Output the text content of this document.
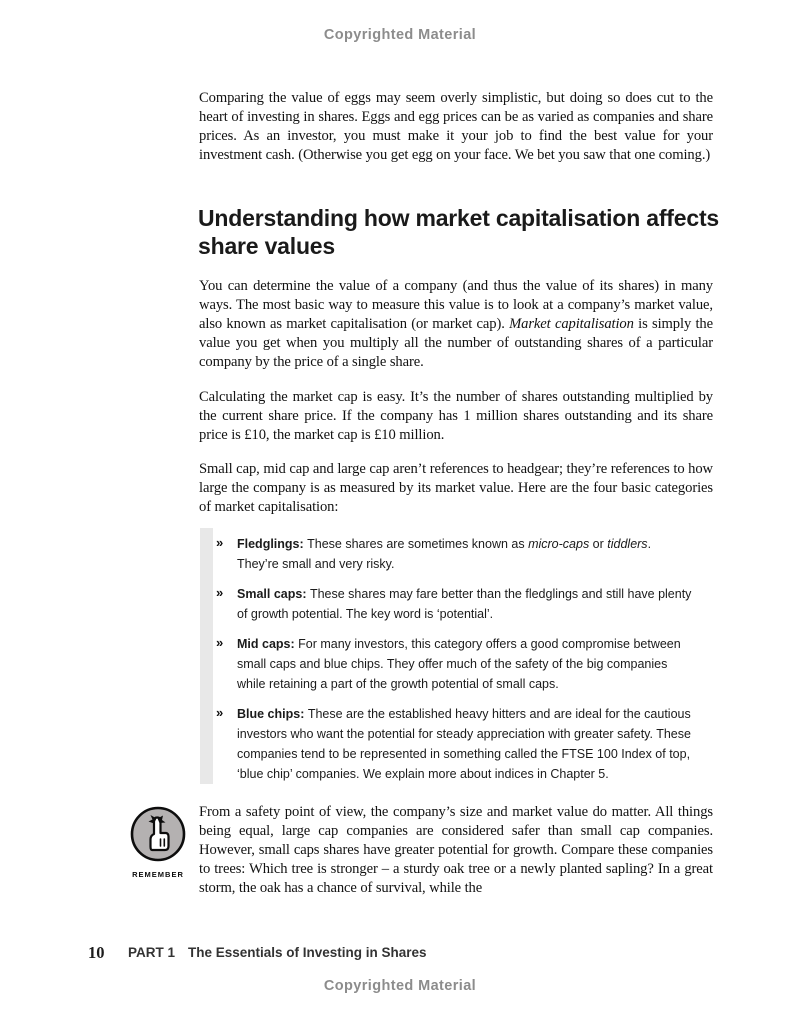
Copyrighted Material

Comparing the value of eggs may seem overly simplistic, but doing so does cut to the heart of investing in shares. Eggs and egg prices can be as varied as companies and share prices. As an investor, you must make it your job to find the best value for your investment cash. (Otherwise you get egg on your face. We bet you saw that one coming.)

Understanding how market capitalisation affects share values

You can determine the value of a company (and thus the value of its shares) in many ways. The most basic way to measure this value is to look at a company’s market value, also known as market capitalisation (or market cap). Market capitalisation is simply the value you get when you multiply all the number of outstanding shares of a particular company by the price of a single share.

Calculating the market cap is easy. It’s the number of shares outstanding multiplied by the current share price. If the company has 1 million shares outstanding and its share price is £10, the market cap is £10 million.

Small cap, mid cap and large cap aren’t references to headgear; they’re references to how large the company is as measured by its market value. Here are the four basic categories of market capitalisation:

» Fledglings: These shares are sometimes known as micro-caps or tiddlers. They’re small and very risky.
» Small caps: These shares may fare better than the fledglings and still have plenty of growth potential. The key word is ‘potential’.
» Mid caps: For many investors, this category offers a good compromise between small caps and blue chips. They offer much of the safety of the big companies while retaining a part of the growth potential of small caps.
» Blue chips: These are the established heavy hitters and are ideal for the cautious investors who want the potential for steady appreciation with greater safety. These companies tend to be represented in something called the FTSE 100 Index of top, ‘blue chip’ companies. We explain more about indices in Chapter 5.
REMEMBER

From a safety point of view, the company’s size and market value do matter. All things being equal, large cap companies are considered safer than small cap companies. However, small caps shares have greater potential for growth. Compare these companies to trees: Which tree is stronger – a sturdy oak tree or a newly planted sapling? In a great storm, the oak has a chance of survival, while the

10 PART 1 The Essentials of Investing in Shares
Copyrighted Material
